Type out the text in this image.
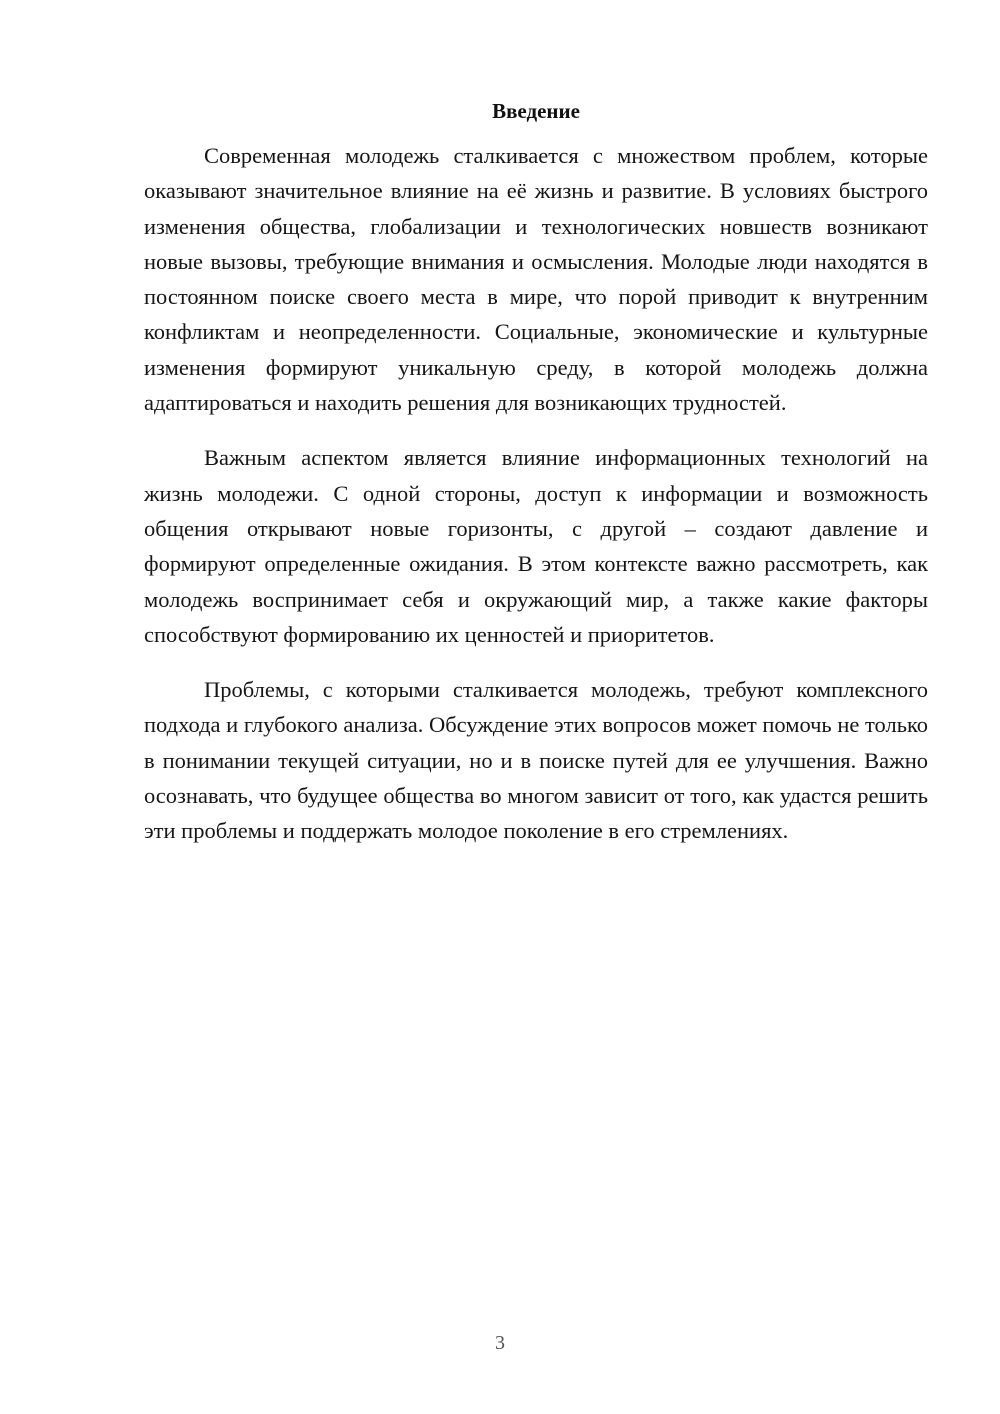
Введение

Современная молодежь сталкивается с множеством проблем, которые оказывают значительное влияние на её жизнь и развитие. В условиях быстрого изменения общества, глобализации и технологических новшеств возникают новые вызовы, требующие внимания и осмысления. Молодые люди находятся в постоянном поиске своего места в мире, что порой приводит к внутренним конфликтам и неопределенности. Социальные, экономические и культурные изменения формируют уникальную среду, в которой молодежь должна адаптироваться и находить решения для возникающих трудностей.

Важным аспектом является влияние информационных технологий на жизнь молодежи. С одной стороны, доступ к информации и возможность общения открывают новые горизонты, с другой – создают давление и формируют определенные ожидания. В этом контексте важно рассмотреть, как молодежь воспринимает себя и окружающий мир, а также какие факторы способствуют формированию их ценностей и приоритетов.

Проблемы, с которыми сталкивается молодежь, требуют комплексного подхода и глубокого анализа. Обсуждение этих вопросов может помочь не только в понимании текущей ситуации, но и в поиске путей для ее улучшения. Важно осознавать, что будущее общества во многом зависит от того, как удастся решить эти проблемы и поддержать молодое поколение в его стремлениях.

3
